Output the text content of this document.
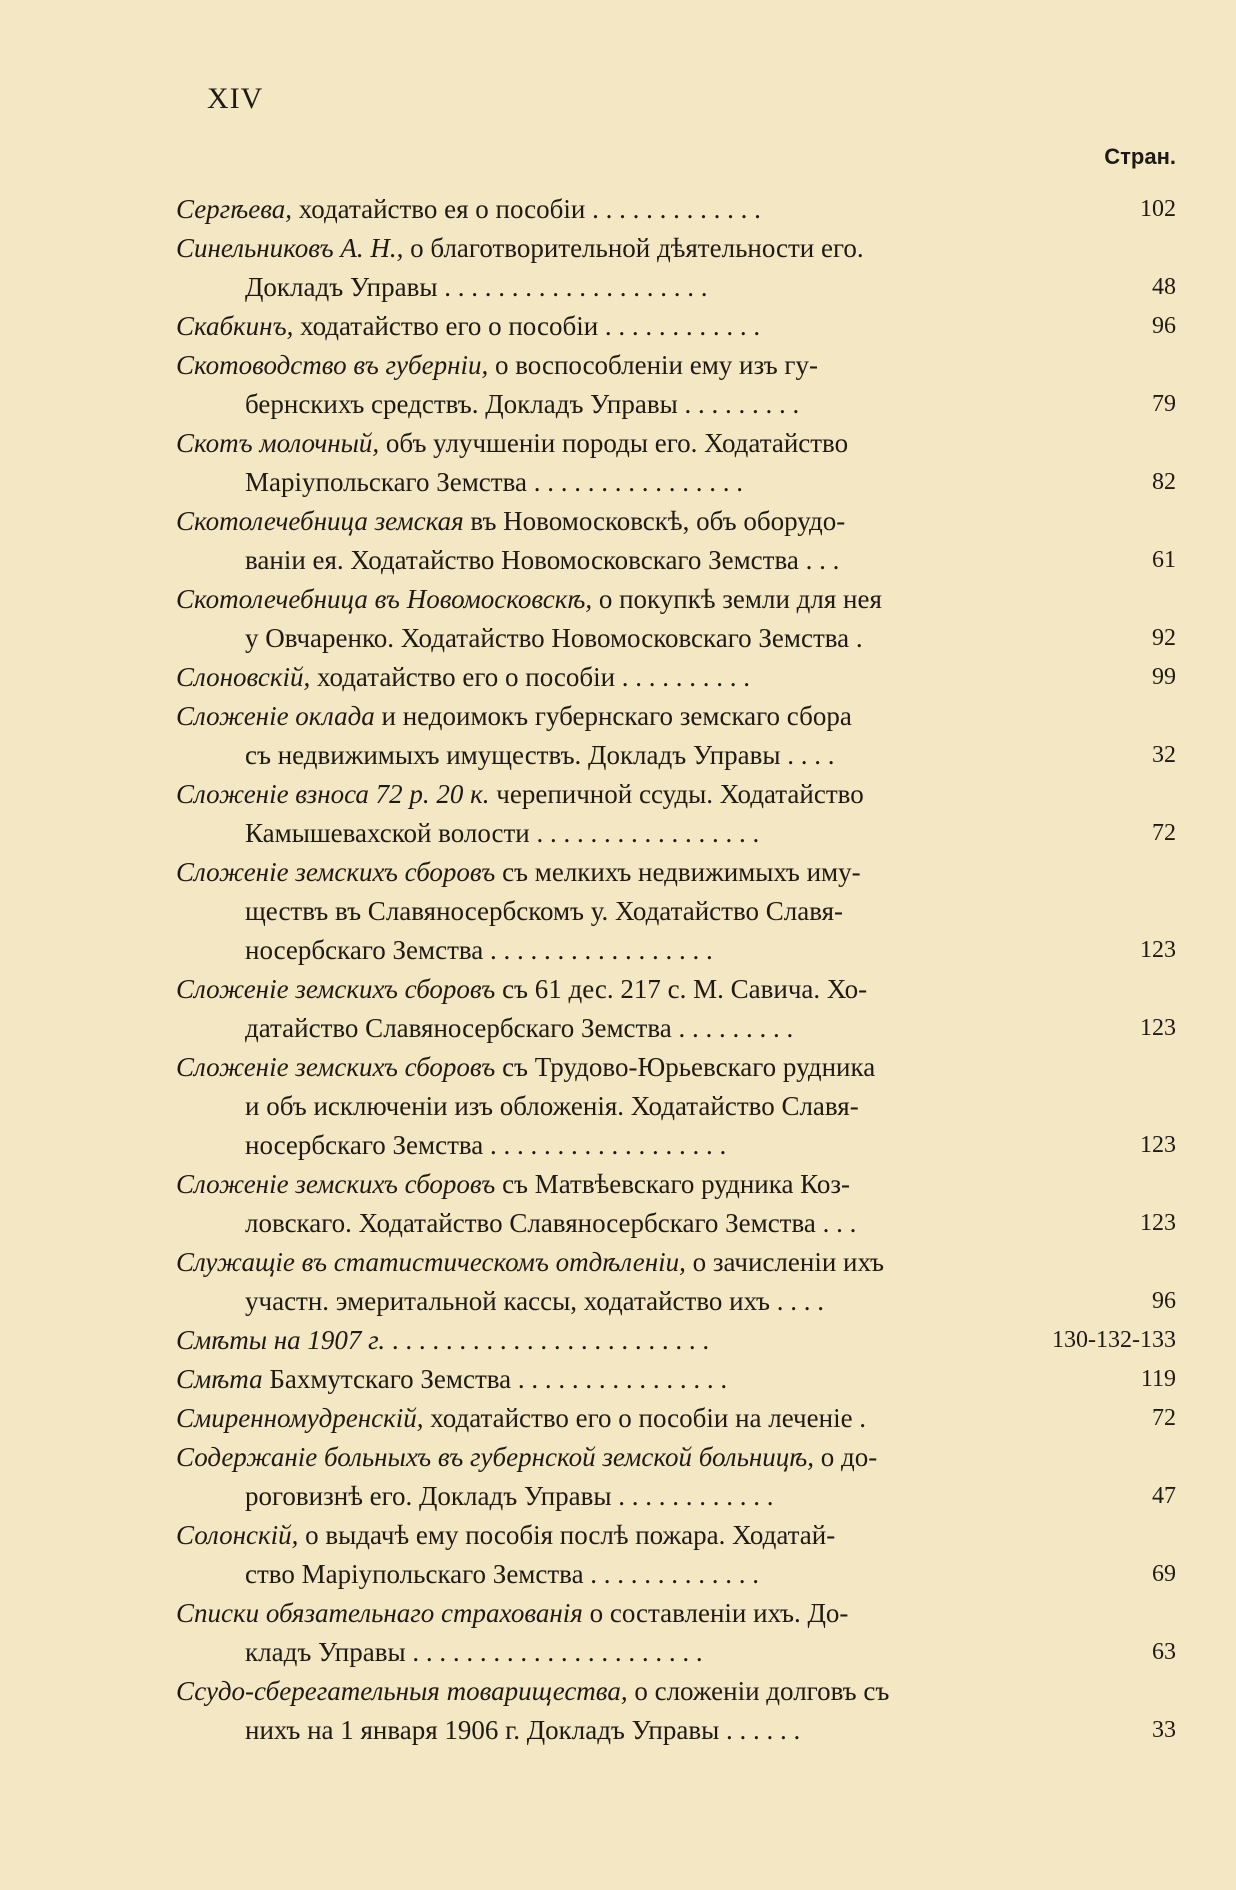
XIV
Стран.
Сергѣева, ходатайство ея о пособіи . . . . . . . . . . . . .	102
Синельниковъ А. Н., о благотворительной дѣятельности его.
Докладъ Управы . . . . . . . . . . . . . . . . . . . .	48
Скабкинъ, ходатайство его о пособіи . . . . . . . . . . . .	96
Скотоводство въ губерніи, о воспособленіи ему изъ гу-
бернскихъ средствъ. Докладъ Управы . . . . . . . . .	79
Скотъ молочный, объ улучшеніи породы его. Ходатайство
Маріупольскаго Земства . . . . . . . . . . . . . . . .	82
Скотолечебница земская въ Новомосковскѣ, объ оборудо-
ваніи ея. Ходатайство Новомосковскаго Земства . . .	61
Скотолечебница въ Новомосковскѣ, о покупкѣ земли для нея
у Овчаренко. Ходатайство Новомосковскаго Земства .	92
Слоновскій, ходатайство его о пособіи . . . . . . . . . .	99
Сложеніе оклада и недоимокъ губернскаго земскаго сбора
съ недвижимыхъ имуществъ. Докладъ Управы . . . .	32
Сложеніе взноса 72 р. 20 к. черепичной ссуды. Ходатайство
Камышевахской волости . . . . . . . . . . . . . . . . .	72
Сложеніе земскихъ сборовъ съ мелкихъ недвижимыхъ иму-
ществъ въ Славяносербскомъ у. Ходатайство Славя-
носербскаго Земства . . . . . . . . . . . . . . . . .	123
Сложеніе земскихъ сборовъ съ 61 дес. 217 с. М. Савича. Хо-
датайство Славяносербскаго Земства . . . . . . . . .	123
Сложеніе земскихъ сборовъ съ Трудово-Юрьевскаго рудника
и объ исключеніи изъ обложенія. Ходатайство Славя-
носербскаго Земства . . . . . . . . . . . . . . . . . .	123
Сложеніе земскихъ сборовъ съ Матвѣевскаго рудника Коз-
ловскаго. Ходатайство Славяносербскаго Земства . . .	123
Служащіе въ статистическомъ отдѣленіи, о зачисленіи ихъ
участн. эмеритальной кассы, ходатайство ихъ . . . .	96
Смѣты на 1907 г. . . . . . . . . . . . . . . . . . . . . . . . .	130-132-133
Смѣта Бахмутскаго Земства . . . . . . . . . . . . . . . .	119
Смиренномудренскій, ходатайство его о пособіи на леченіе .	72
Содержаніе больныхъ въ губернской земской больницѣ, о до-
роговизнѣ его. Докладъ Управы . . . . . . . . . . . .	47
Солонскій, о выдачѣ ему пособія послѣ пожара. Ходатай-
ство Маріупольскаго Земства . . . . . . . . . . . . .	69
Списки обязательнаго страхованія о составленіи ихъ. До-
кладъ Управы . . . . . . . . . . . . . . . . . . . . . .	63
Ссудо-сберегательныя товарищества, о сложеніи долговъ съ
нихъ на 1 января 1906 г. Докладъ Управы . . . . . .	33
